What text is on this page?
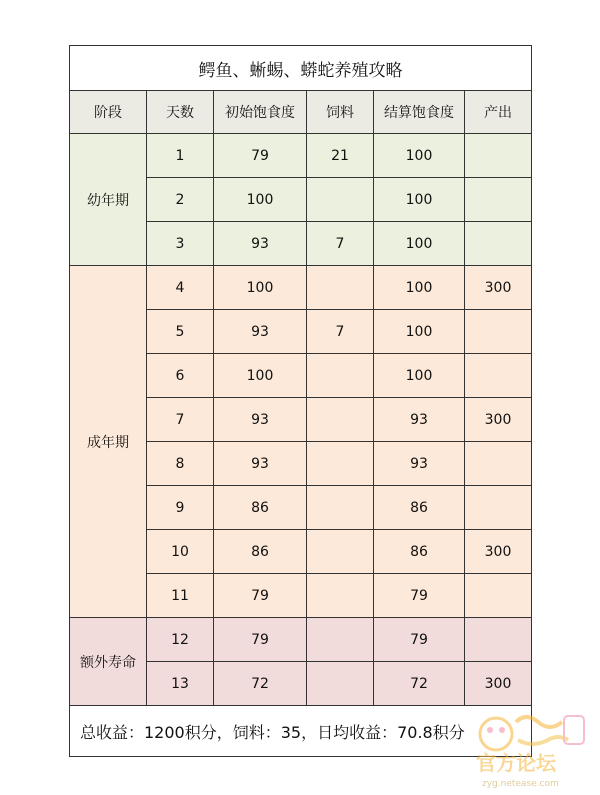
鳄鱼、蜥蜴、蟒蛇养殖攻略					
阶段	天数	初始饱食度	饲料	结算饱食度	产出
幼年期	1	79	21	100	
	2	100		100	
	3	93	7	100	
成年期	4	100		100	300
	5	93	7	100	
	6	100		100	
	7	93		93	300
	8	93		93	
	9	86		86	
	10	86		86	300
	11	79		79	
额外寿命	12	79		79	
	13	72		72	300
总收益：1200积分，饲料：35，日均收益：70.8积分					
官方论坛
zyg.netease.com
